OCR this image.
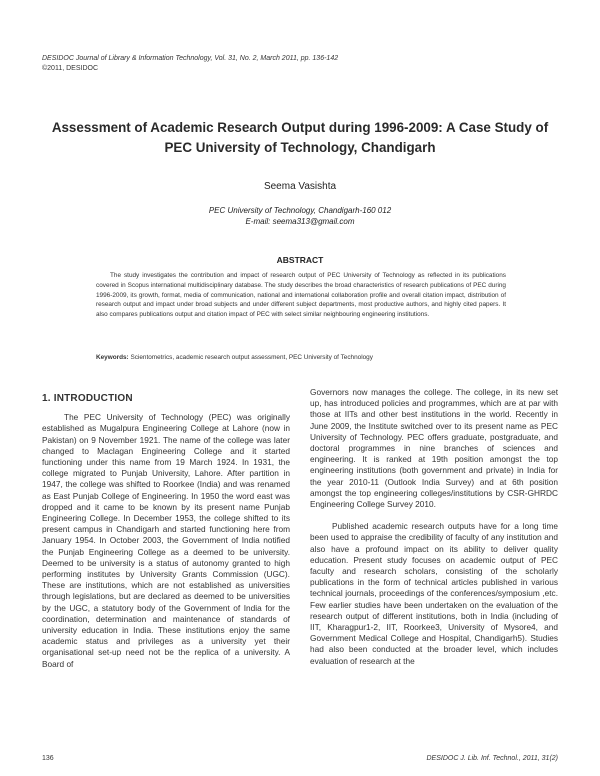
DESIDOC Journal of Library & Information Technology, Vol. 31, No. 2, March 2011, pp. 136-142
©2011, DESIDOC
Assessment of Academic Research Output during 1996-2009: A Case Study of PEC University of Technology, Chandigarh
Seema Vasishta
PEC University of Technology, Chandigarh-160 012
E-mail: seema313@gmail.com
ABSTRACT
The study investigates the contribution and impact of research output of PEC University of Technology as reflected in its publications covered in Scopus international multidisciplinary database. The study describes the broad characteristics of research publications of PEC during 1996-2009, its growth, format, media of communication, national and international collaboration profile and overall citation impact, distribution of research output and impact under broad subjects and under different subject departments, most productive authors, and highly cited papers. It also compares publications output and citation impact of PEC with select similar neighbouring engineering institutions.
Keywords: Scientometrics, academic research output assessment, PEC University of Technology
1. INTRODUCTION

The PEC University of Technology (PEC) was originally established as Mugalpura Engineering College at Lahore (now in Pakistan) on 9 November 1921. The name of the college was later changed to Maclagan Engineering College and it started functioning under this name from 19 March 1924. In 1931, the college migrated to Punjab University, Lahore. After partition in 1947, the college was shifted to Roorkee (India) and was renamed as East Punjab College of Engineering. In 1950 the word east was dropped and it came to be known by its present name Punjab Engineering College. In December 1953, the college shifted to its present campus in Chandigarh and started functioning here from January 1954. In October 2003, the Government of India notified the Punjab Engineering College as a deemed to be university. Deemed to be university is a status of autonomy granted to high performing institutes by University Grants Commission (UGC). These are institutions, which are not established as universities through legislations, but are declared as deemed to be universities by the UGC, a statutory body of the Government of India for the coordination, determination and maintenance of standards of university education in India. These institutions enjoy the same academic status and privileges as a university yet their organisational set-up need not be the replica of a university. A Board of

Governors now manages the college. The college, in its new set up, has introduced policies and programmes, which are at par with those at IITs and other best institutions in the world. Recently in June 2009, the Institute switched over to its present name as PEC University of Technology. PEC offers graduate, postgraduate, and doctoral programmes in nine branches of sciences and engineering. It is ranked at 19th position amongst the top engineering institutions (both government and private) in India for the year 2010-11 (Outlook India Survey) and at 6th position amongst the top engineering colleges/institutions by CSR-GHRDC Engineering College Survey 2010.

Published academic research outputs have for a long time been used to appraise the credibility of faculty of any institution and also have a profound impact on its ability to deliver quality education. Present study focuses on academic output of PEC faculty and research scholars, consisting of the scholarly publications in the form of technical articles published in various technical journals, proceedings of the conferences/symposium ,etc. Few earlier studies have been undertaken on the evaluation of the research output of different institutions, both in India (including of IIT, Kharagpur1-2, IIT, Roorkee3, University of Mysore4, and Government Medical College and Hospital, Chandigarh5). Studies had also been conducted at the broader level, which includes evaluation of research at the

136	DESIDOC J. Lib. Inf. Technol., 2011, 31(2)
